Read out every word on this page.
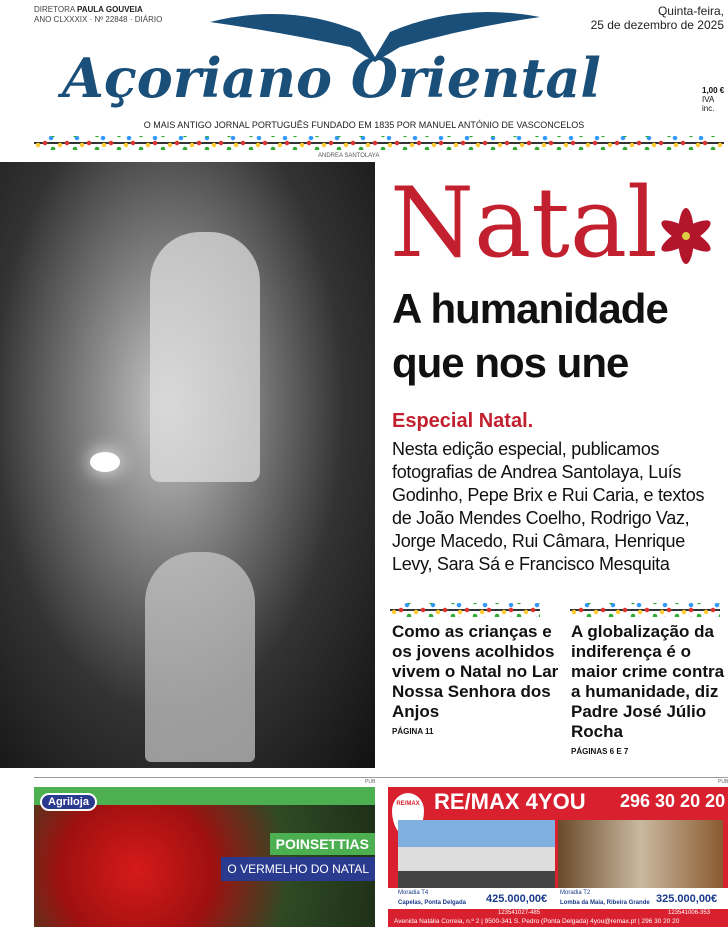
DIRETORA PAULA GOUVEIA
ANO CLXXXIX · Nº 22848 · DIÁRIO
Quinta-feira,
25 de dezembro de 2025
Açoriano Oriental	1,00 €
IVA inc.
O MAIS ANTIGO JORNAL PORTUGUÊS FUNDADO EM 1835 POR MANUEL ANTÓNIO DE VASCONCELOS
ANDREA SANTOLAYA
Natal
A humanidade
que nos une
Especial Natal.
Nesta edição especial, publicamos fotografias de Andrea Santolaya, Luís Godinho, Pepe Brix e Rui Caria, e textos de João Mendes Coelho, Rodrigo Vaz, Jorge Macedo, Rui Câmara, Henrique Levy, Sara Sá e Francisco Mesquita
Como as crianças e os jovens acolhidos vivem o Natal no Lar Nossa Senhora dos Anjos
PÁGINA 11
A globalização da indiferença é o maior crime contra a humanidade, diz Padre José Júlio Rocha
PÁGINAS 6 E 7
PUB	PUB
Agriloja
POINSETTIAS
O VERMELHO DO NATAL
RE/MAX RE/MAX 4YOU 296 30 20 20
Moradia T4
Capelas, Ponta Delgada 425.000,00€ Moradia T2
Lomba da Maia, Ribeira Grande 325.000,00€
123541027-485	123541006-353
Avenida Natália Correia, n.º 2 | 9500-341 S. Pedro (Ponta Delgada) 4you@remax.pt | 296 30 20 20
